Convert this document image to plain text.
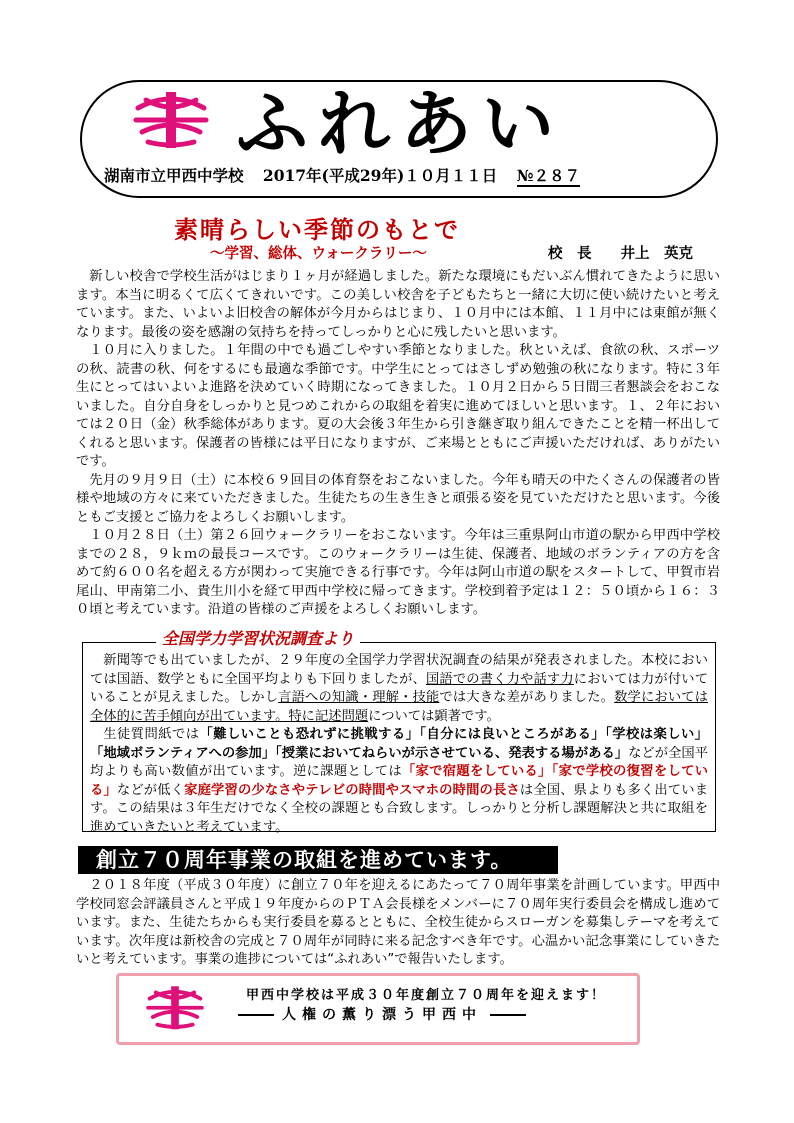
ふれあい
湖南市立甲西中学校 2017年(平成29年)１０月１１日 №２８７
素晴らしい季節のもとで
～学習、総体、ウォークラリー～	校　長　　井上　英克

新しい校舎で学校生活がはじまり１ヶ月が経過しました。新たな環境にもだいぶん慣れてきたように思います。本当に明るくて広くてきれいです。この美しい校舎を子どもたちと一緒に大切に使い続けたいと考えています。また、いよいよ旧校舎の解体が今月からはじまり、１０月中には本館、１１月中には東館が無くなります。最後の姿を感謝の気持ちを持ってしっかりと心に残したいと思います。

１０月に入りました。１年間の中でも過ごしやすい季節となりました。秋といえば、食欲の秋、スポーツの秋、読書の秋、何をするにも最適な季節です。中学生にとってはさしずめ勉強の秋になります。特に３年生にとってはいよいよ進路を決めていく時期になってきました。１０月２日から５日間三者懇談会をおこないました。自分自身をしっかりと見つめこれからの取組を着実に進めてほしいと思います。１、２年においては２０日（金）秋季総体があります。夏の大会後３年生から引き継ぎ取り組んできたことを精一杯出してくれると思います。保護者の皆様には平日になりますが、ご来場とともにご声援いただければ、ありがたいです。

先月の９月９日（土）に本校６９回目の体育祭をおこないました。今年も晴天の中たくさんの保護者の皆様や地域の方々に来ていただきました。生徒たちの生き生きと頑張る姿を見ていただけたと思います。今後ともご支援とご協力をよろしくお願いします。

１０月２８日（土）第２６回ウォークラリーをおこないます。今年は三重県阿山市道の駅から甲西中学校までの２８，９ｋｍの最長コースです。このウォークラリーは生徒、保護者、地域のボランティアの方を含めて約６００名を超える方が関わって実施できる行事です。今年は阿山市道の駅をスタートして、甲賀市岩尾山、甲南第二小、貴生川小を経て甲西中学校に帰ってきます。学校到着予定は１２：５０頃から１６：３０頃と考えています。沿道の皆様のご声援をよろしくお願いします。

全国学力学習状況調査より

新聞等でも出ていましたが、２９年度の全国学力学習状況調査の結果が発表されました。本校においては国語、数学ともに全国平均よりも下回りましたが、国語での書く力や話す力においては力が付いていることが見えました。しかし言語への知識・理解・技能では大きな差がありました。数学においては全体的に苦手傾向が出ています。特に記述問題については顕著です。

生徒質問紙では「難しいことも恐れずに挑戦する」「自分には良いところがある」「学校は楽しい」「地域ボランティアへの参加」「授業においてねらいが示させている、発表する場がある」などが全国平均よりも高い数値が出ています。逆に課題としては「家で宿題をしている」「家で学校の復習をしている」などが低く家庭学習の少なさやテレビの時間やスマホの時間の長さは全国、県よりも多く出ています。この結果は３年生だけでなく全校の課題とも合致します。しっかりと分析し課題解決と共に取組を進めていきたいと考えています。

創立７０周年事業の取組を進めています。

２０１８年度（平成３０年度）に創立７０年を迎えるにあたって７０周年事業を計画しています。甲西中学校同窓会評議員さんと平成１９年度からのＰＴＡ会長様をメンバーに７０周年実行委員会を構成し進めています。また、生徒たちからも実行委員を募るとともに、全校生徒からスローガンを募集しテーマを考えています。次年度は新校舎の完成と７０周年が同時に来る記念すべき年です。心温かい記念事業にしていきたいと考えています。事業の進捗については“ふれあい”で報告いたします。

甲西中学校は平成３０年度創立７０周年を迎えます！
人権の薫り漂う甲西中
